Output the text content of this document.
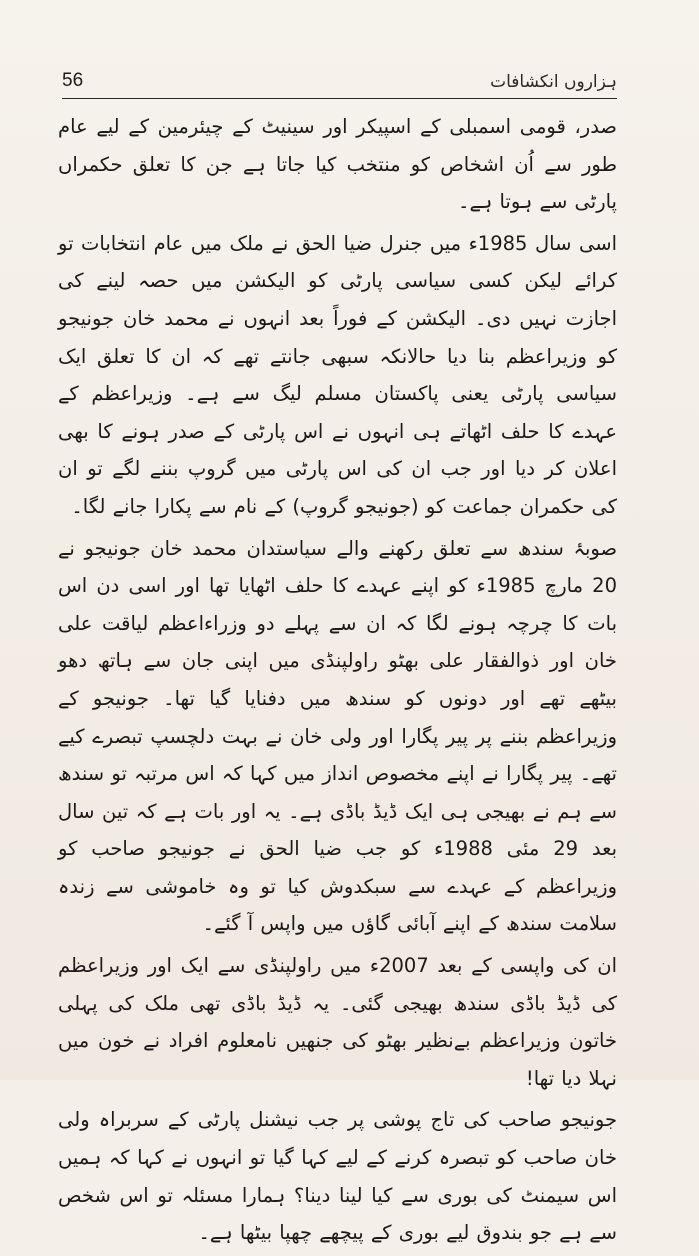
56	ہزاروں انکشافات

صدر، قومی اسمبلی کے اسپیکر اور سینیٹ کے چیئرمین کے لیے عام طور سے اُن اشخاص کو منتخب کیا جاتا ہے جن کا تعلق حکمراں پارٹی سے ہوتا ہے۔

اسی سال 1985ء میں جنرل ضیا الحق نے ملک میں عام انتخابات تو کرائے لیکن کسی سیاسی پارٹی کو الیکشن میں حصہ لینے کی اجازت نہیں دی۔ الیکشن کے فوراً بعد انہوں نے محمد خان جونیجو کو وزیراعظم بنا دیا حالانکہ سبھی جانتے تھے کہ ان کا تعلق ایک سیاسی پارٹی یعنی پاکستان مسلم لیگ سے ہے۔ وزیراعظم کے عہدے کا حلف اٹھاتے ہی انہوں نے اس پارٹی کے صدر ہونے کا بھی اعلان کر دیا اور جب ان کی اس پارٹی میں گروپ بننے لگے تو ان کی حکمران جماعت کو (جونیجو گروپ) کے نام سے پکارا جانے لگا۔

صوبۂ سندھ سے تعلق رکھنے والے سیاستدان محمد خان جونیجو نے 20 مارچ 1985ء کو اپنے عہدے کا حلف اٹھایا تھا اور اسی دن اس بات کا چرچہ ہونے لگا کہ ان سے پہلے دو وزراءاعظم لیاقت علی خان اور ذوالفقار علی بھٹو راولپنڈی میں اپنی جان سے ہاتھ دھو بیٹھے تھے اور دونوں کو سندھ میں دفنایا گیا تھا۔ جونیجو کے وزیراعظم بننے پر پیر پگارا اور ولی خان نے بہت دلچسپ تبصرے کیے تھے۔ پیر پگارا نے اپنے مخصوص انداز میں کہا کہ اس مرتبہ تو سندھ سے ہم نے بھیجی ہی ایک ڈیڈ باڈی ہے۔ یہ اور بات ہے کہ تین سال بعد 29 مئی 1988ء کو جب ضیا الحق نے جونیجو صاحب کو وزیراعظم کے عہدے سے سبکدوش کیا تو وہ خاموشی سے زندہ سلامت سندھ کے اپنے آبائی گاؤں میں واپس آ گئے۔

ان کی واپسی کے بعد 2007ء میں راولپنڈی سے ایک اور وزیراعظم کی ڈیڈ باڈی سندھ بھیجی گئی۔ یہ ڈیڈ باڈی تھی ملک کی پہلی خاتون وزیراعظم بےنظیر بھٹو کی جنھیں نامعلوم افراد نے خون میں نہلا دیا تھا!

جونیجو صاحب کی تاج پوشی پر جب نیشنل پارٹی کے سربراہ ولی خان صاحب کو تبصرہ کرنے کے لیے کہا گیا تو انہوں نے کہا کہ ہمیں اس سیمنٹ کی بوری سے کیا لینا دینا؟ ہمارا مسئلہ تو اس شخص سے ہے جو بندوق لیے بوری کے پیچھے چھپا بیٹھا ہے۔
